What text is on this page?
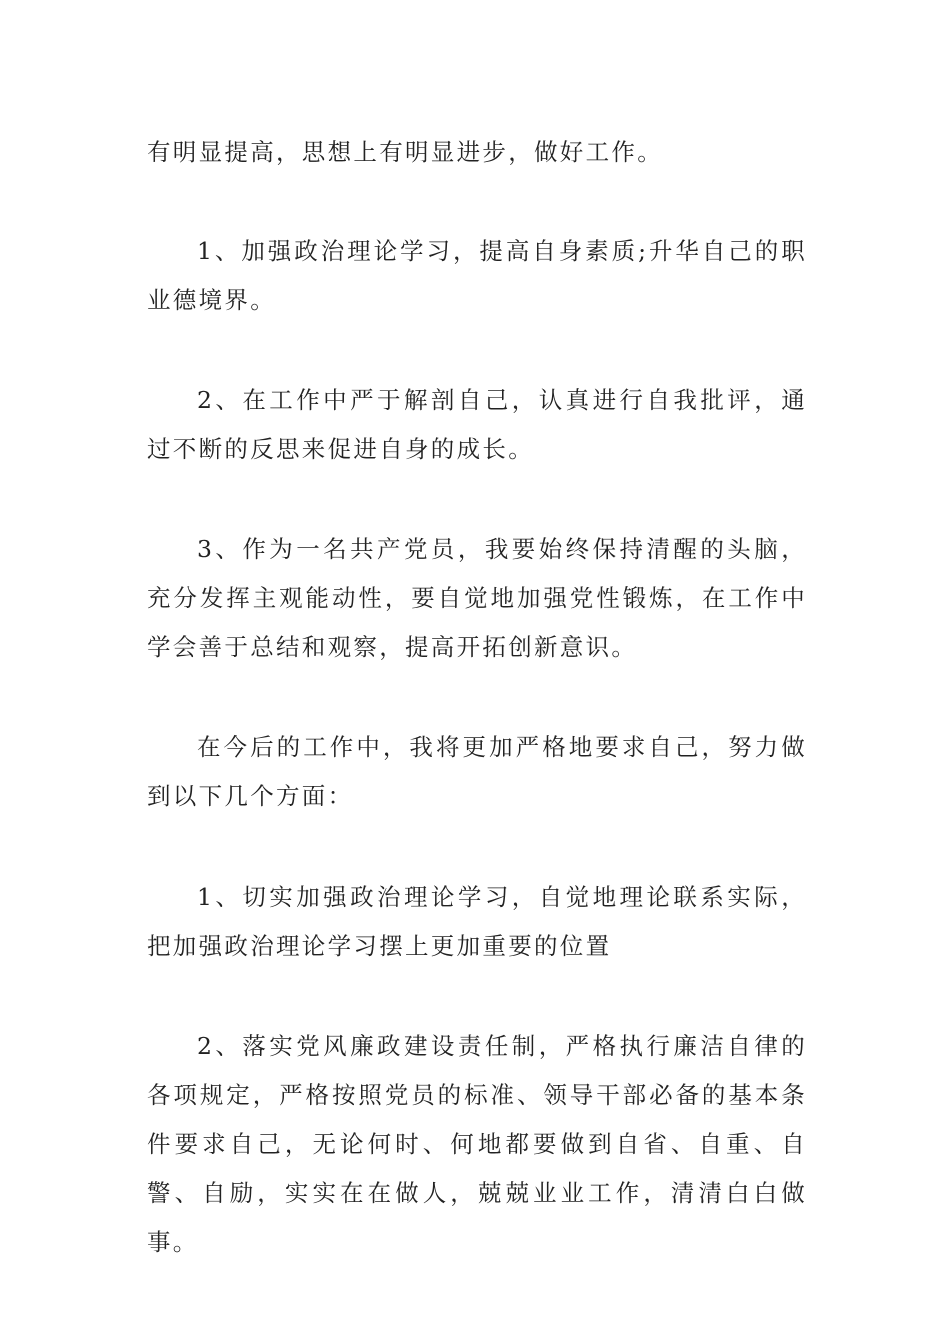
有明显提高，思想上有明显进步，做好工作。

1、加强政治理论学习，提高自身素质;升华自己的职业德境界。

2、在工作中严于解剖自己，认真进行自我批评，通过不断的反思来促进自身的成长。

3、作为一名共产党员，我要始终保持清醒的头脑，充分发挥主观能动性，要自觉地加强党性锻炼，在工作中学会善于总结和观察，提高开拓创新意识。

在今后的工作中，我将更加严格地要求自己，努力做到以下几个方面：

1、切实加强政治理论学习，自觉地理论联系实际，把加强政治理论学习摆上更加重要的位置

2、落实党风廉政建设责任制，严格执行廉洁自律的各项规定，严格按照党员的标准、领导干部必备的基本条件要求自己，无论何时、何地都要做到自省、自重、自警、自励，实实在在做人，兢兢业业工作，清清白白做事。
